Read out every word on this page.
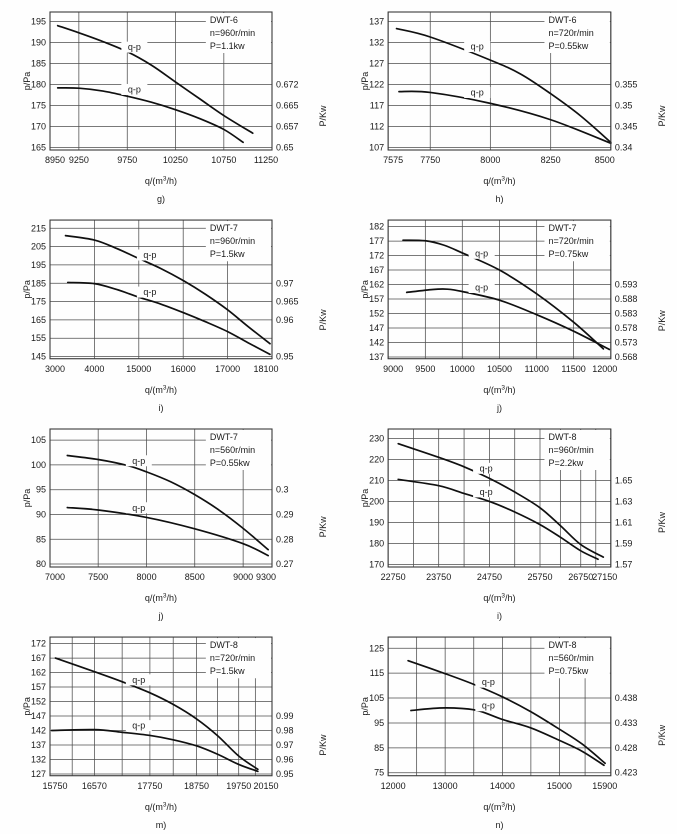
DWT-6
n=960r/min
P=1.1kw
q-p
q-p
165
170
175
180
185
190
195
0.65
0.657
0.665
0.672
8950 9250	9750	10250	10750 11250
$q/(m^3/h)$
g)
p/Pa
P/Kw
DWT-6
n=720r/min
P=0.55kw
q-p
q-p
107
112
117
122
127
132
137
0.34
0.345
0.35
0.355
7575 7750	8000	8250	8500
$q/(m^3/h)$
h)
p/Pa
P/Kw
DWT-7
n=960r/min
P=1.5kw
q-p
q-p
145
155
165
175
185
195
205
215
0.95
0.96
0.965
0.97
3000 4000 15000 16000 17000 18100
$q/(m^3/h)$
i)
p/Pa
P/Kw
DWT-7
n=720r/min
P=0.75kw
q-p
q-p
137
142
147
152
157
162
167
172
177
182
0.568
0.573
0.578
0.583
0.588
0.593
9000 9500 10000 10500 11000 11500 12000
$q/(m^3/h)$
j)
p/Pa
P/Kw
DWT-7
n=560r/min
P=0.55kw
q-p
q-p
80
85
90
95
100
105
0.27
0.28
0.29
0.3
7000	7500	8000	8500	9000 9300
$q/(m^3/h)$
j)
p/Pa
P/Kw
DWT-8
n=960r/min
P=2.2kw
q-p
q-p
170
180
190
200
210
220
230
1.57
1.59
1.61
1.63
1.65
22750 23750	24750	25750 26750
27150
$q/(m^3/h)$
i)
p/Pa
P/Kw
DWT-8
n=720r/min
P=1.5kw
q-p
q-p
127
132
137
142
147
152
157
162
167
172
0.95
0.96
0.97
0.98
0.99
15750 16570	17750 18750 19750 20150
$q/(m^3/h)$
m)
p/Pa
P/Kw
DWT-8
n=560r/min
P=0.75kw
q-p
q-p
75
85
95
105
115
125
0.423
0.428
0.433
0.438
12000	13000	14000	15000 15900
$q/(m^3/h)$
n)
p/Pa
P/Kw
